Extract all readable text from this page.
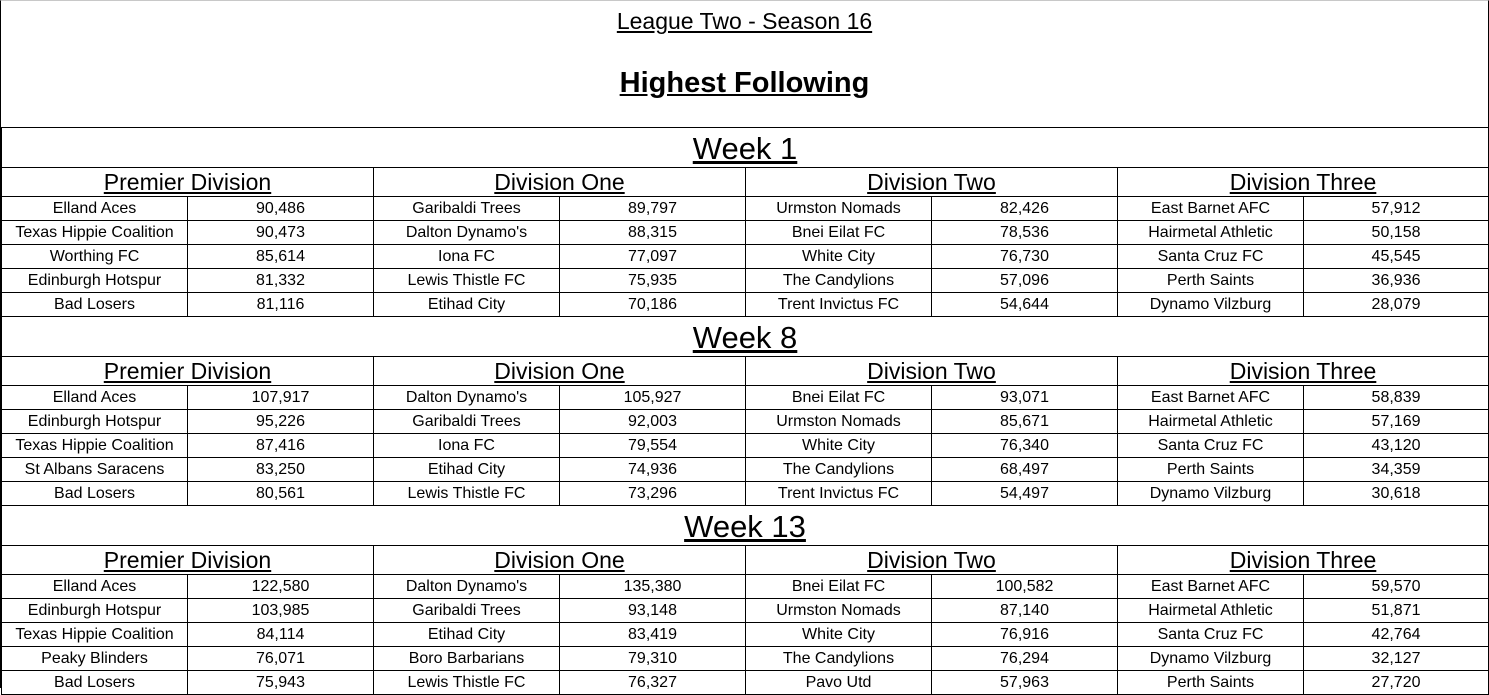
League Two - Season 16
Highest Following
Week 1							
Premier Division		Division One		Division Two		Division Three	
Elland Aces	90,486	Garibaldi Trees	89,797	Urmston Nomads	82,426	East Barnet AFC	57,912
Texas Hippie Coalition	90,473	Dalton Dynamo's	88,315	Bnei Eilat FC	78,536	Hairmetal Athletic	50,158
Worthing FC	85,614	Iona FC	77,097	White City	76,730	Santa Cruz FC	45,545
Edinburgh Hotspur	81,332	Lewis Thistle FC	75,935	The Candylions	57,096	Perth Saints	36,936
Bad Losers	81,116	Etihad City	70,186	Trent Invictus FC	54,644	Dynamo Vilzburg	28,079
Week 8							
Premier Division		Division One		Division Two		Division Three	
Elland Aces	107,917	Dalton Dynamo's	105,927	Bnei Eilat FC	93,071	East Barnet AFC	58,839
Edinburgh Hotspur	95,226	Garibaldi Trees	92,003	Urmston Nomads	85,671	Hairmetal Athletic	57,169
Texas Hippie Coalition	87,416	Iona FC	79,554	White City	76,340	Santa Cruz FC	43,120
St Albans Saracens	83,250	Etihad City	74,936	The Candylions	68,497	Perth Saints	34,359
Bad Losers	80,561	Lewis Thistle FC	73,296	Trent Invictus FC	54,497	Dynamo Vilzburg	30,618
Week 13							
Premier Division		Division One		Division Two		Division Three	
Elland Aces	122,580	Dalton Dynamo's	135,380	Bnei Eilat FC	100,582	East Barnet AFC	59,570
Edinburgh Hotspur	103,985	Garibaldi Trees	93,148	Urmston Nomads	87,140	Hairmetal Athletic	51,871
Texas Hippie Coalition	84,114	Etihad City	83,419	White City	76,916	Santa Cruz FC	42,764
Peaky Blinders	76,071	Boro Barbarians	79,310	The Candylions	76,294	Dynamo Vilzburg	32,127
Bad Losers	75,943	Lewis Thistle FC	76,327	Pavo Utd	57,963	Perth Saints	27,720
